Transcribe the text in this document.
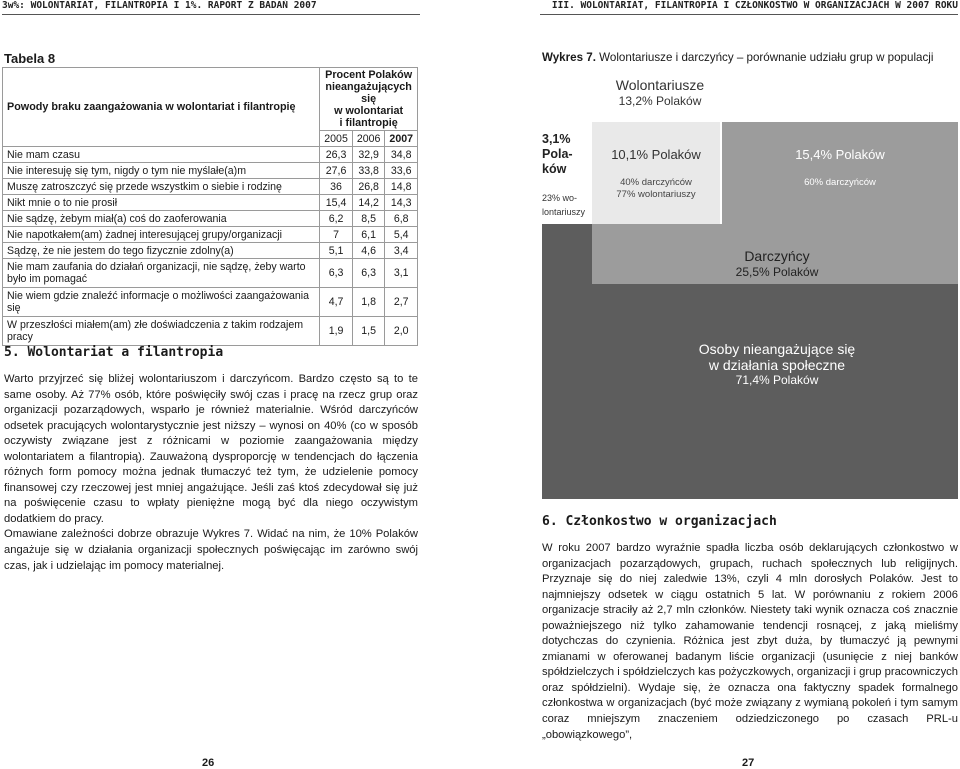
3w%: WOLONTARIAT, FILANTROPIA I 1%. RAPORT Z BADAŃ 2007	III. WOLONTARIAT, FILANTROPIA I CZŁONKOSTWO W ORGANIZACJACH W 2007 ROKU
Tabela 8
Powody braku zaangażowania w wolontariat i filantropię	Procent Polaków
nieangażujących się
w wolontariat
i filantropię		

	2005	2006	2007
Nie mam czasu	26,3	32,9	34,8
Nie interesuję się tym, nigdy o tym nie myślałe(a)m	27,6	33,8	33,6
Muszę zatroszczyć się przede wszystkim o siebie i rodzinę	36	26,8	14,8
Nikt mnie o to nie prosił	15,4	14,2	14,3
Nie sądzę, żebym miał(a) coś do zaoferowania	6,2	8,5	6,8
Nie napotkałem(am) żadnej interesującej grupy/organizacji	7	6,1	5,4
Sądzę, że nie jestem do tego fizycznie zdolny(a)	5,1	4,6	3,4
Nie mam zaufania do działań organizacji, nie sądzę, żeby warto było im pomagać	6,3	6,3	3,1
Nie wiem gdzie znaleźć informacje o możliwości zaangażowania się	4,7	1,8	2,7
W przeszłości miałem(am) złe doświadczenia z takim rodzajem pracy	1,9	1,5	2,0
5. Wolontariat a filantropia

Warto przyjrzeć się bliżej wolontariuszom i darczyńcom. Bardzo często są to te same osoby. Aż 77% osób, które poświęciły swój czas i pracę na rzecz grup oraz organizacji pozarządowych, wsparło je również materialnie. Wśród darczyńców odsetek pracujących wolontarystycznie jest niższy – wynosi on 40% (co w sposób oczywisty związane jest z różnicami w poziomie zaangażowania między wolontariatem a filantropią). Zauważoną dysproporcję w tendencjach do łączenia różnych form pomocy można jednak tłumaczyć też tym, że udzielenie pomocy finansowej czy rzeczowej jest mniej angażujące. Jeśli zaś ktoś zdecydował się już na poświęcenie czasu to wpłaty pieniężne mogą być dla niego oczywistym dodatkiem do pracy.

Omawiane zależności dobrze obrazuje Wykres 7. Widać na nim, że 10% Polaków angażuje się w działania organizacji społecznych poświęcając im zarówno swój czas, jak i udzielając im pomocy materialnej.

Wykres 7. Wolontariusze i darczyńcy – porównanie udziału grup w populacji
Wolontariusze
13,2% Polaków
3,1%
Pola-
ków
23% wo-
lontariuszy
10,1% Polaków
40% darczyńców
77% wolontariuszy
15,4% Polaków
60% darczyńców
Darczyńcy
25,5% Polaków
Osoby nieangażujące się
w działania społeczne
71,4% Polaków
6. Członkostwo w organizacjach

W roku 2007 bardzo wyraźnie spadła liczba osób deklarujących członkostwo w organizacjach pozarządowych, grupach, ruchach społecznych lub religijnych. Przyznaje się do niej zaledwie 13%, czyli 4 mln dorosłych Polaków. Jest to najmniejszy odsetek w ciągu ostatnich 5 lat. W porównaniu z rokiem 2006 organizacje straciły aż 2,7 mln członków. Niestety taki wynik oznacza coś znacznie poważniejszego niż tylko zahamowanie tendencji rosnącej, z jaką mieliśmy dotychczas do czynienia. Różnica jest zbyt duża, by tłumaczyć ją pewnymi zmianami w oferowanej badanym liście organizacji (usunięcie z niej banków spółdzielczych i spółdzielczych kas pożyczkowych, organizacji i grup pracowniczych oraz spółdzielni). Wydaje się, że oznacza ona faktyczny spadek formalnego członkostwa w organizacjach (być może związany z wymianą pokoleń i tym samym coraz mniejszym znaczeniem odziedziczonego po czasach PRL-u „obowiązkowego”,

26	27
